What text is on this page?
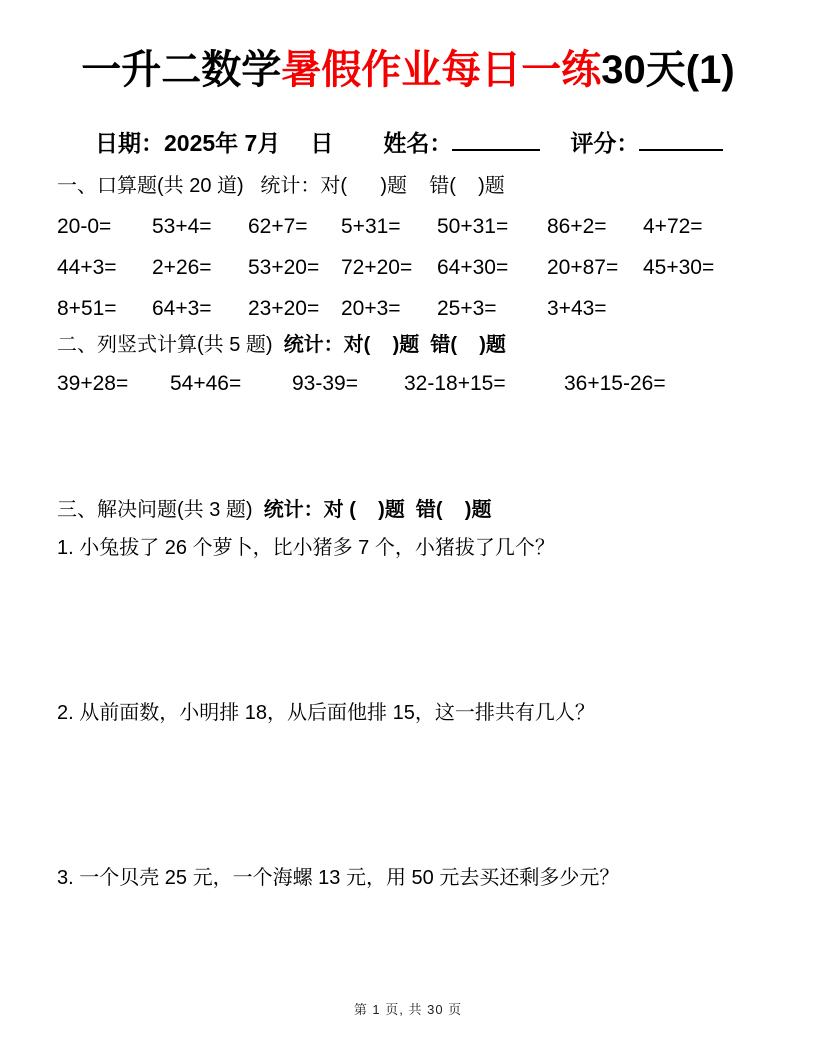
一升二数学暑假作业每日一练30天(1)
日期：2025年 7月 日 姓名：	评分：
一、口算题(共 20 道) 统计：对(      )题    错(    )题
20-0=	53+4=	62+7=	5+31=	50+31=	86+2=	4+72=
44+3=	2+26=	53+20=	72+20=	64+30=	20+87=	45+30=
8+51=	64+3=	23+20=	20+3=	25+3=	3+43=
二、列竖式计算(共 5 题) 统计：对(    )题  错(    )题
39+28=	54+46=	93-39=	32-18+15=	36+15-26=
三、解决问题(共 3 题) 统计：对 (    )题  错(    )题
1. 小兔拔了 26 个萝卜，比小猪多 7 个，小猪拔了几个？
2. 从前面数，小明排 18，从后面他排 15，这一排共有几人？
3. 一个贝壳 25 元，一个海螺 13 元，用 50 元去买还剩多少元？
第 1 页, 共 30 页
